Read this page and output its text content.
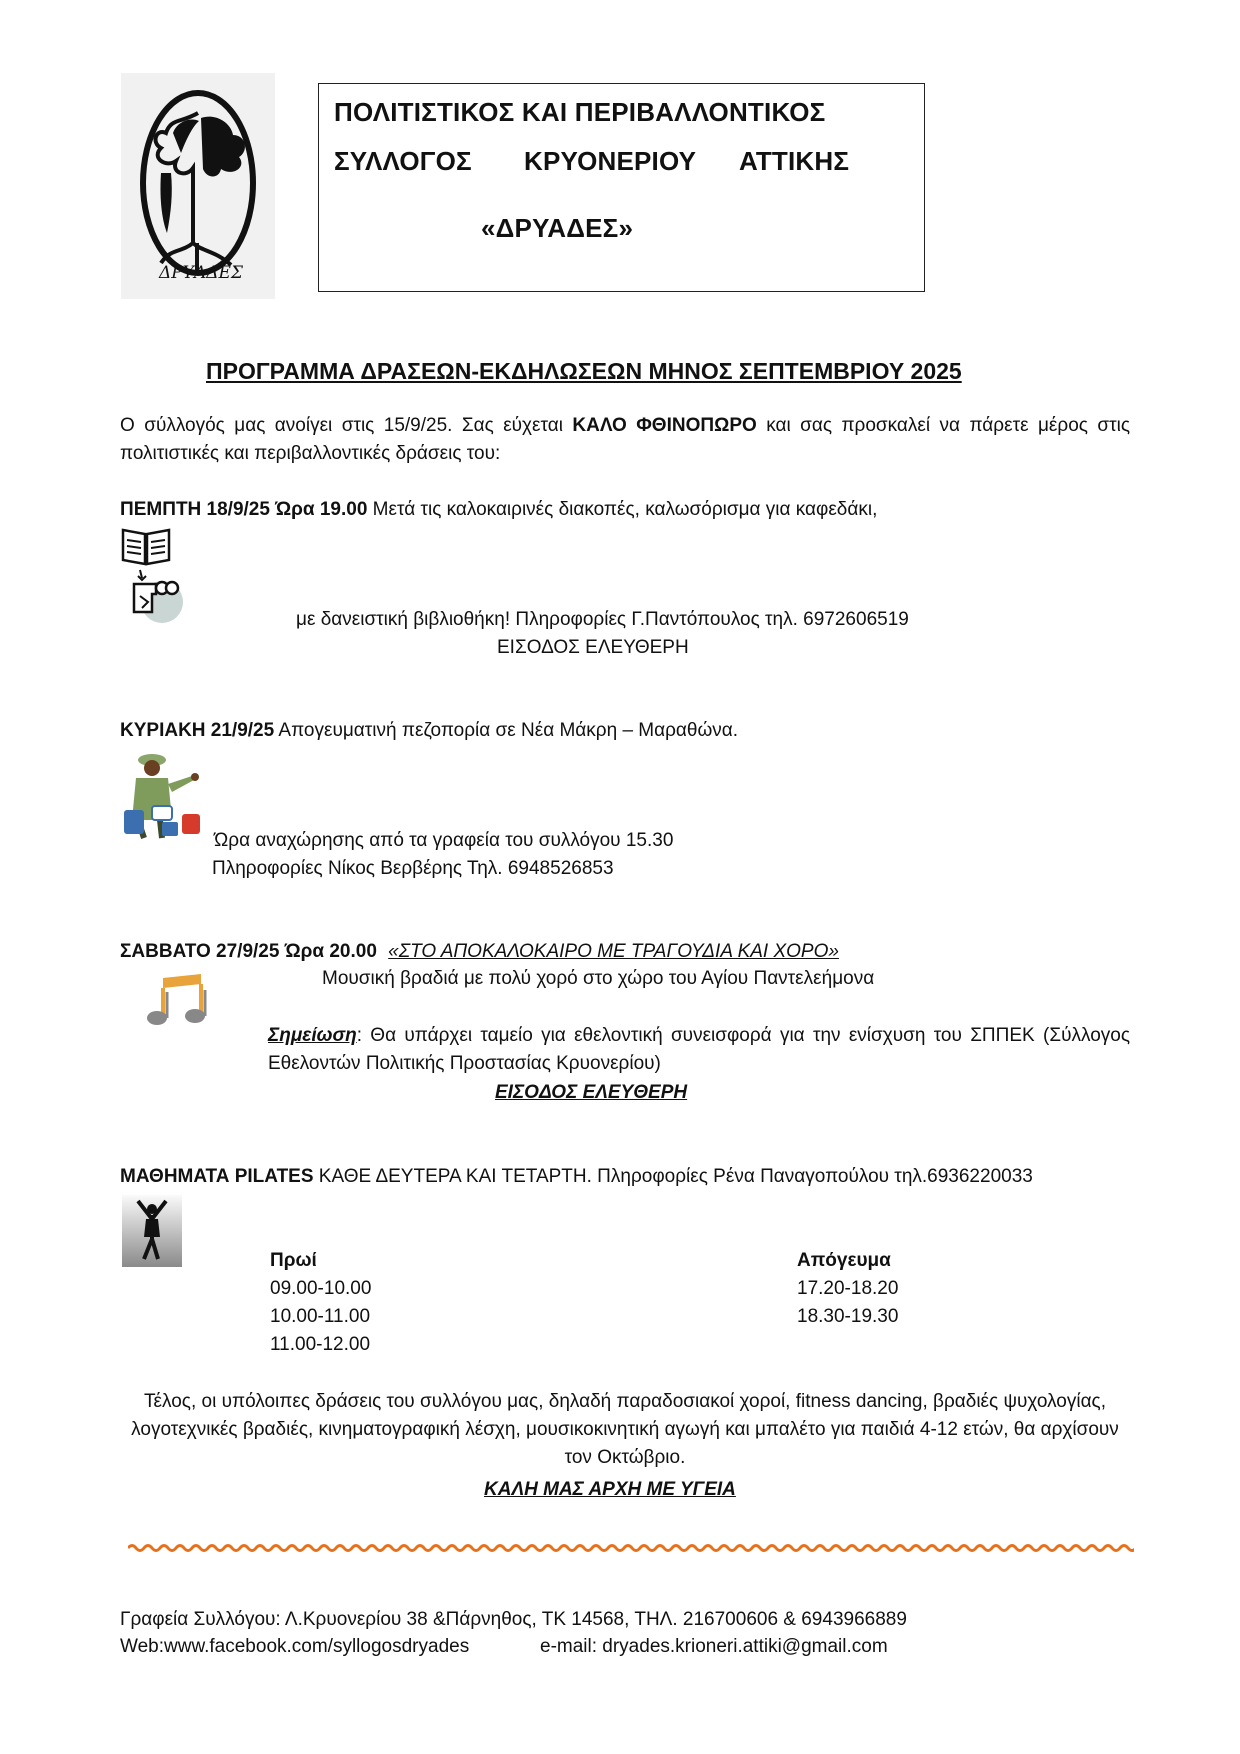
ΔΡΥΑΔΕΣ
ΠΟΛΙΤΙΣΤΙΚΟΣ ΚΑΙ ΠΕΡΙΒΑΛΛΟΝΤΙΚΟΣ
ΣΥΛΛΟΓΟΣ ΚΡΥΟΝΕΡΙΟΥ ΑΤΤΙΚΗΣ
«ΔΡΥΑΔΕΣ»
ΠΡΟΓΡΑΜΜΑ ΔΡΑΣΕΩΝ-ΕΚΔΗΛΩΣΕΩΝ ΜΗΝΟΣ ΣΕΠΤΕΜΒΡΙΟΥ 2025
Ο σύλλογός μας ανοίγει στις 15/9/25. Σας εύχεται ΚΑΛΟ ΦΘΙΝΟΠΩΡΟ και σας προσκαλεί να πάρετε μέρος στις πολιτιστικές και περιβαλλοντικές δράσεις του:
ΠΕΜΠΤΗ 18/9/25 Ώρα 19.00 Μετά τις καλοκαιρινές διακοπές, καλωσόρισμα για καφεδάκι,
με δανειστική βιβλιοθήκη! Πληροφορίες Γ.Παντόπουλος τηλ. 6972606519
ΕΙΣΟΔΟΣ ΕΛΕΥΘΕΡΗ
ΚΥΡΙΑΚΗ 21/9/25 Απογευματινή πεζοπορία σε Νέα Μάκρη – Μαραθώνα.
Ώρα αναχώρησης από τα γραφεία του συλλόγου 15.30
Πληροφορίες Νίκος Βερβέρης Τηλ. 6948526853
ΣΑΒΒΑΤΟ 27/9/25 Ώρα 20.00 «ΣΤΟ ΑΠΟΚΑΛΟΚΑΙΡΟ ΜΕ ΤΡΑΓΟΥΔΙΑ ΚΑΙ ΧΟΡΟ»
Μουσική βραδιά με πολύ χορό στο χώρο του Αγίου Παντελεήμονα
Σημείωση: Θα υπάρχει ταμείο για εθελοντική συνεισφορά για την ενίσχυση του ΣΠΠΕΚ (Σύλλογος Εθελοντών Πολιτικής Προστασίας Κρυονερίου)
ΕΙΣΟΔΟΣ ΕΛΕΥΘΕΡΗ
ΜΑΘΗΜΑΤΑ PILATES ΚΑΘΕ ΔΕΥΤΕΡΑ ΚΑΙ ΤΕΤΑΡΤΗ. Πληροφορίες Ρένα Παναγοπούλου τηλ.6936220033
Πρωί
09.00-10.00
10.00-11.00
11.00-12.00
Απόγευμα
17.20-18.20
18.30-19.30
Τέλος, οι υπόλοιπες δράσεις του συλλόγου μας, δηλαδή παραδοσιακοί χοροί, fitness dancing, βραδιές ψυχολογίας, λογοτεχνικές βραδιές, κινηματογραφική λέσχη, μουσικοκινητική αγωγή και μπαλέτο για παιδιά 4-12 ετών, θα αρχίσουν τον Οκτώβριο.
ΚΑΛΗ ΜΑΣ ΑΡΧΗ ΜΕ ΥΓΕΙΑ
Γραφεία Συλλόγου: Λ.Κρυονερίου 38 &Πάρνηθος, ΤΚ 14568, ΤΗΛ. 216700606 & 6943966889
Web:www.facebook.com/syllogosdryades	e-mail: dryades.krioneri.attiki@gmail.com
